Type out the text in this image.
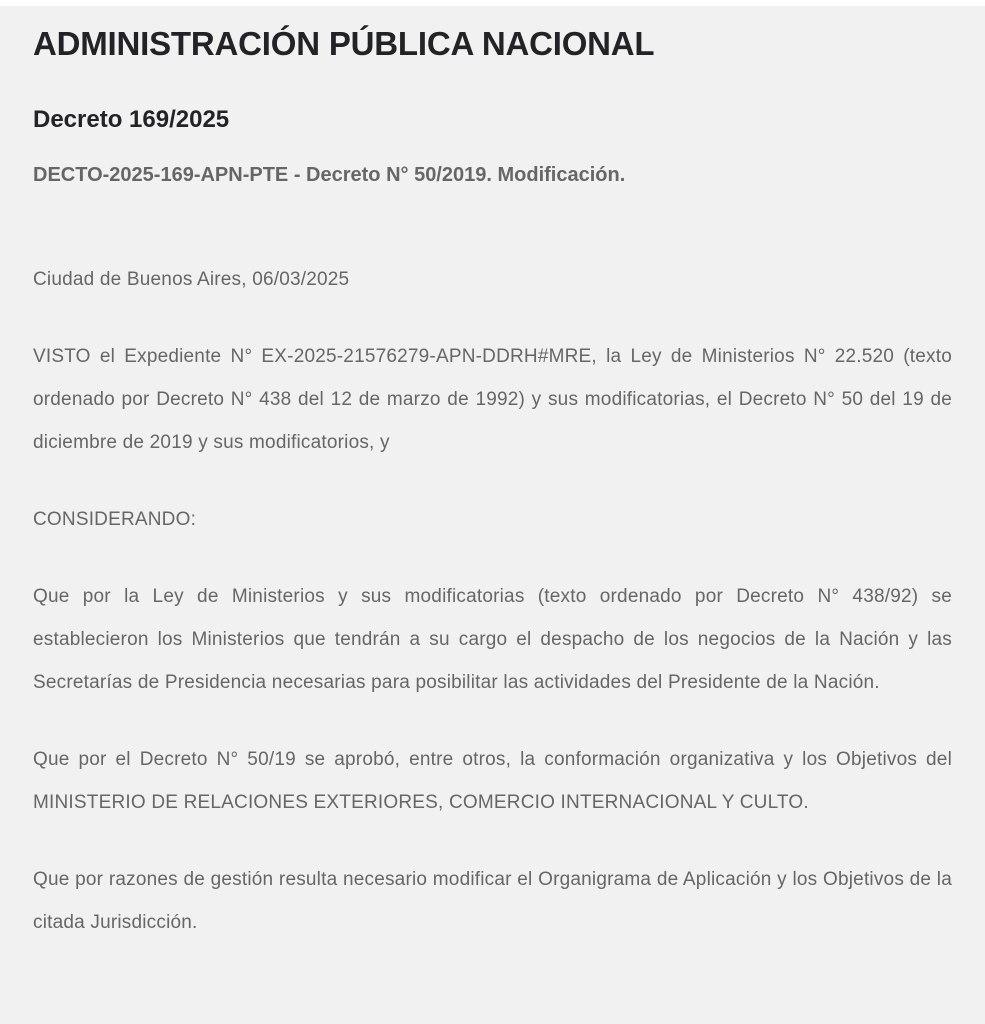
ADMINISTRACIÓN PÚBLICA NACIONAL
Decreto 169/2025
DECTO-2025-169-APN-PTE - Decreto N° 50/2019. Modificación.

Ciudad de Buenos Aires, 06/03/2025

VISTO el Expediente N° EX-2025-21576279-APN-DDRH#MRE, la Ley de Ministerios N° 22.520 (texto ordenado por Decreto N° 438 del 12 de marzo de 1992) y sus modificatorias, el Decreto N° 50 del 19 de diciembre de 2019 y sus modificatorios, y

CONSIDERANDO:

Que por la Ley de Ministerios y sus modificatorias (texto ordenado por Decreto N° 438/92) se establecieron los Ministerios que tendrán a su cargo el despacho de los negocios de la Nación y las Secretarías de Presidencia necesarias para posibilitar las actividades del Presidente de la Nación.

Que por el Decreto N° 50/19 se aprobó, entre otros, la conformación organizativa y los Objetivos del MINISTERIO DE RELACIONES EXTERIORES, COMERCIO INTERNACIONAL Y CULTO.

Que por razones de gestión resulta necesario modificar el Organigrama de Aplicación y los Objetivos de la citada Jurisdicción.
